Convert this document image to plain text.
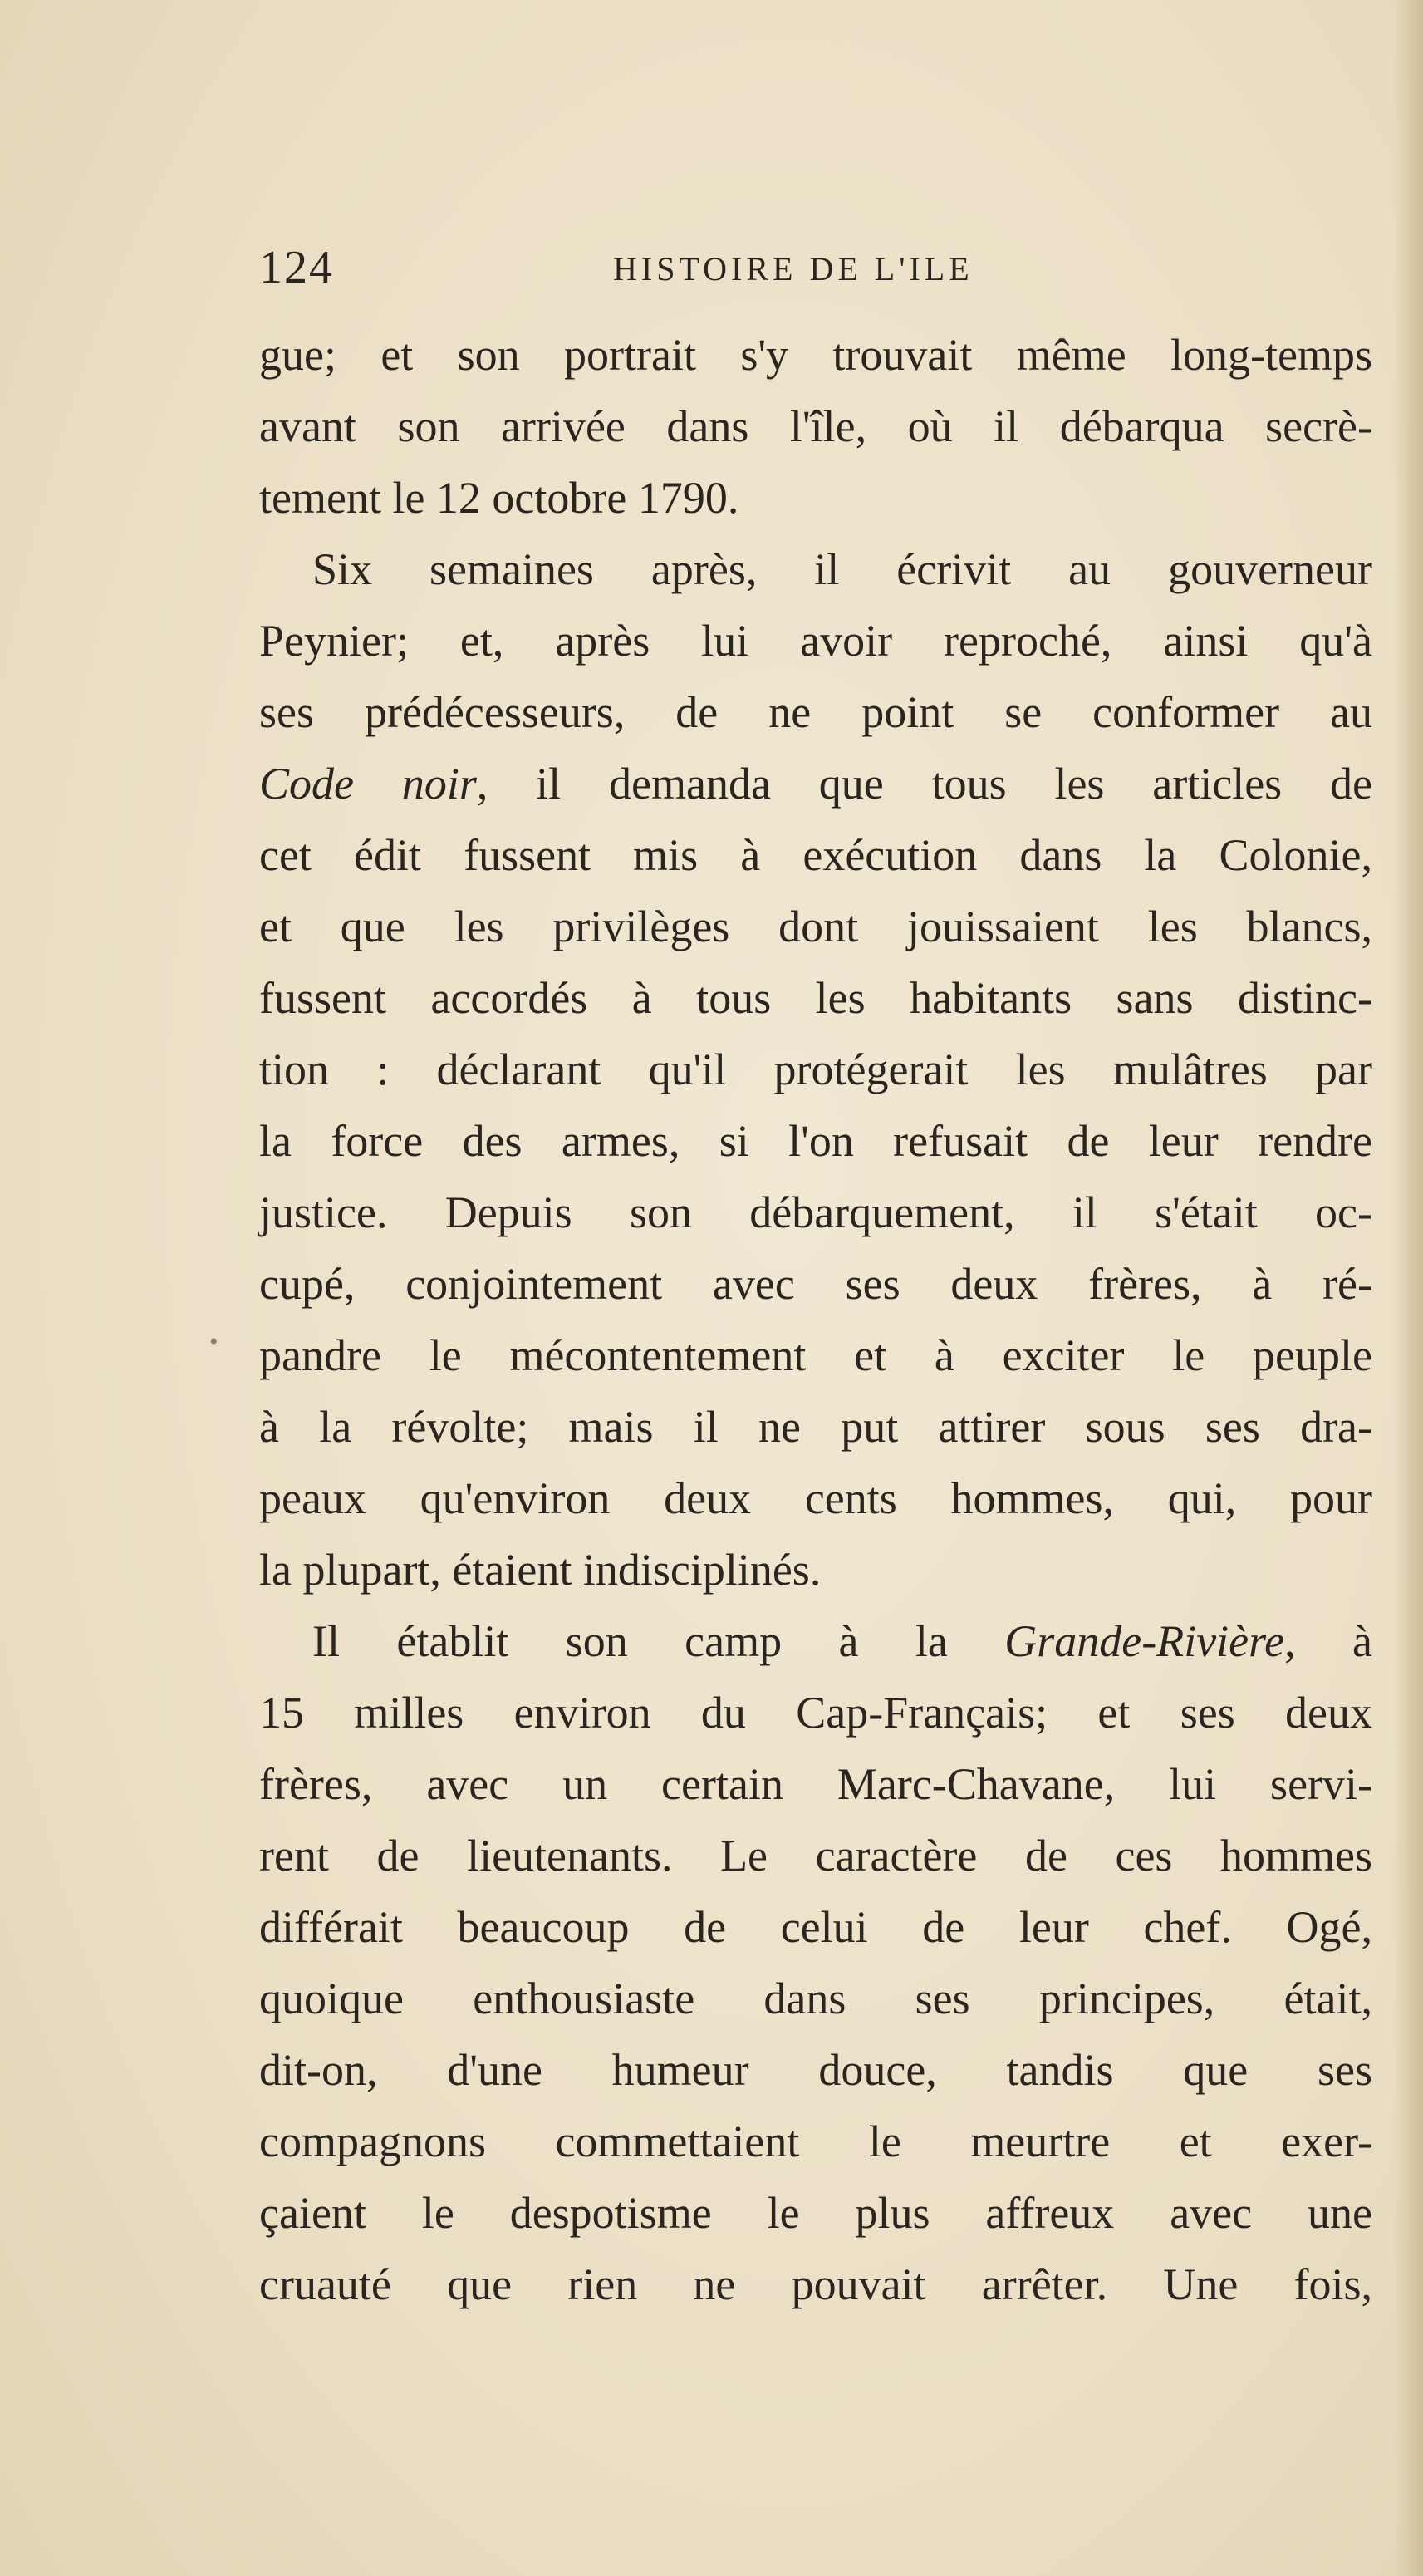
124	HISTOIRE DE L'ILE
•
gue; et son portrait s'y trouvait même long-temps
avant son arrivée dans l'île, où il débarqua secrè-
tement le 12 octobre 1790.
Six semaines après, il écrivit au gouverneur
Peynier; et, après lui avoir reproché, ainsi qu'à
ses prédécesseurs, de ne point se conformer au
Code noir, il demanda que tous les articles de
cet édit fussent mis à exécution dans la Colonie,
et que les privilèges dont jouissaient les blancs,
fussent accordés à tous les habitants sans distinc-
tion : déclarant qu'il protégerait les mulâtres par
la force des armes, si l'on refusait de leur rendre
justice. Depuis son débarquement, il s'était oc-
cupé, conjointement avec ses deux frères, à ré-
pandre le mécontentement et à exciter le peuple
à la révolte; mais il ne put attirer sous ses dra-
peaux qu'environ deux cents hommes, qui, pour
la plupart, étaient indisciplinés.
Il établit son camp à la Grande-Rivière, à
15 milles environ du Cap-Français; et ses deux
frères, avec un certain Marc-Chavane, lui servi-
rent de lieutenants. Le caractère de ces hommes
différait beaucoup de celui de leur chef. Ogé,
quoique enthousiaste dans ses principes, était,
dit-on, d'une humeur douce, tandis que ses
compagnons commettaient le meurtre et exer-
çaient le despotisme le plus affreux avec une
cruauté que rien ne pouvait arrêter. Une fois,
